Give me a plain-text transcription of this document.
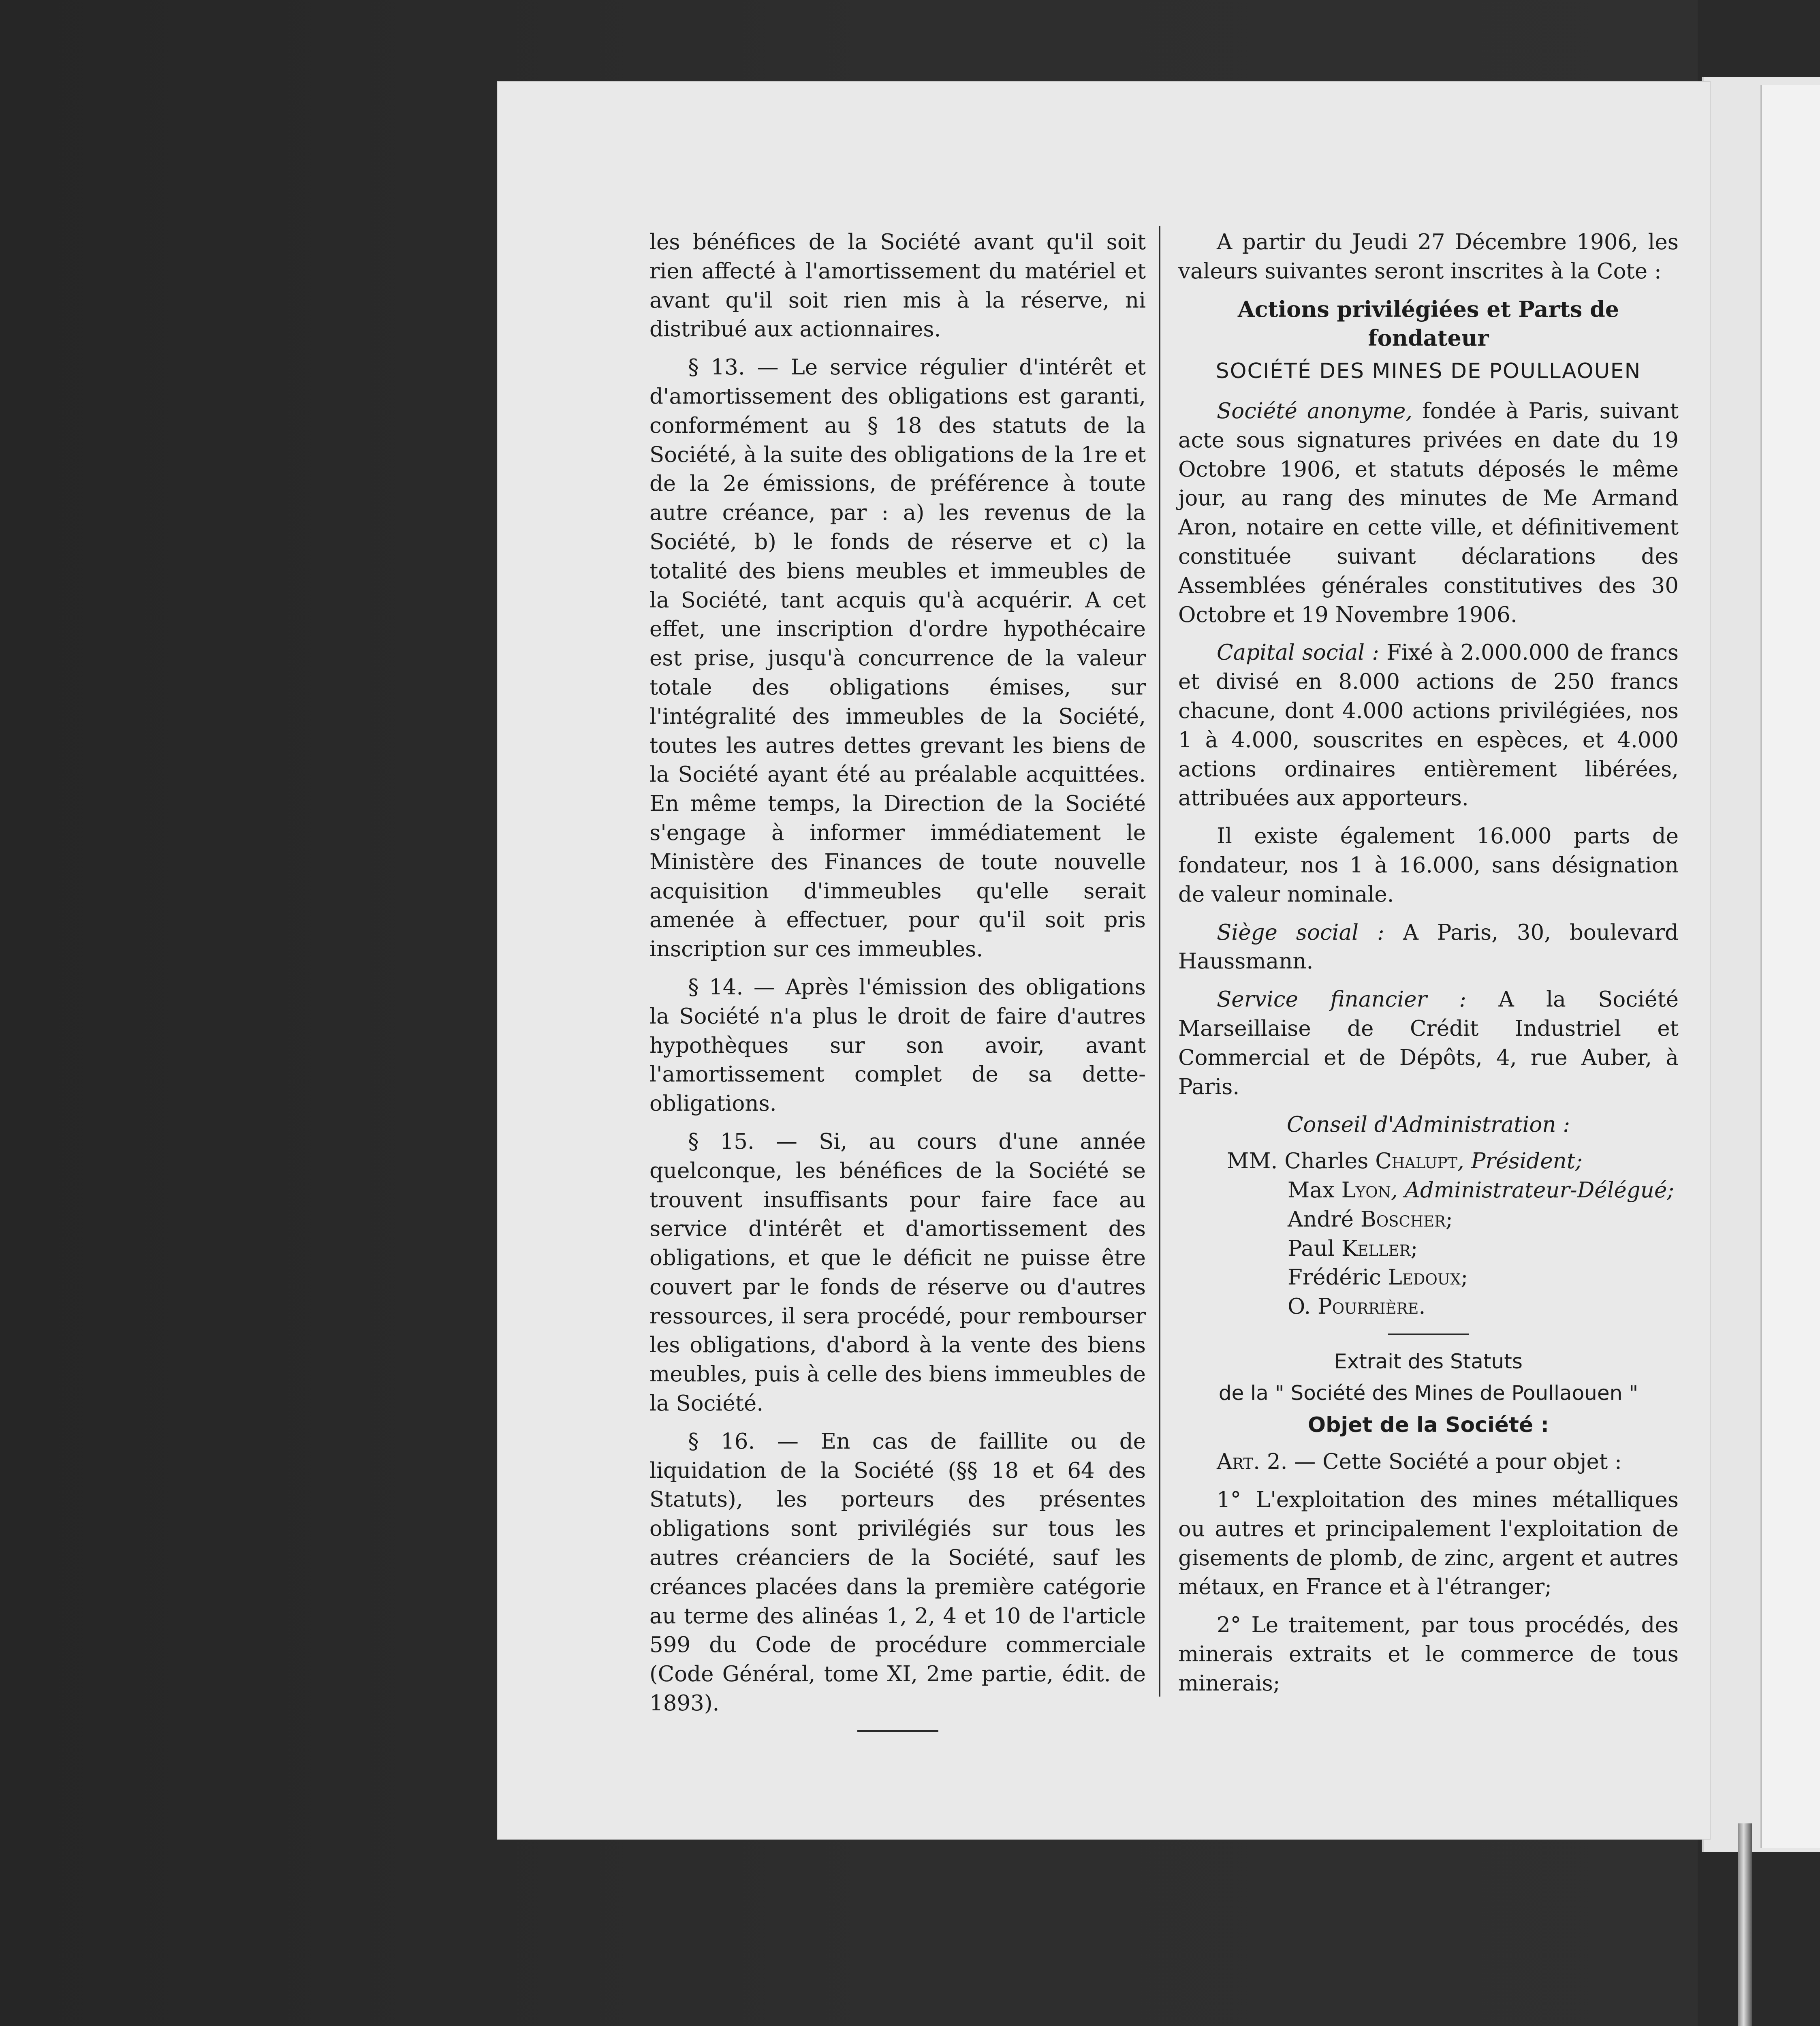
les bénéfices de la Société avant qu'il soit rien affecté à l'amortissement du matériel et avant qu'il soit rien mis à la réserve, ni distribué aux actionnaires.

§ 13. — Le service régulier d'intérêt et d'amortissement des obligations est garanti, conformément au § 18 des statuts de la Société, à la suite des obligations de la 1re et de la 2e émissions, de préférence à toute autre créance, par : a) les revenus de la Société, b) le fonds de réserve et c) la totalité des biens meubles et immeubles de la Société, tant acquis qu'à acquérir. A cet effet, une inscription d'ordre hypothécaire est prise, jusqu'à concurrence de la valeur totale des obligations émises, sur l'intégralité des immeubles de la Société, toutes les autres dettes grevant les biens de la Société ayant été au préalable acquittées. En même temps, la Direction de la Société s'engage à informer immédiatement le Ministère des Finances de toute nouvelle acquisition d'immeubles qu'elle serait amenée à effectuer, pour qu'il soit pris inscription sur ces immeubles.

§ 14. — Après l'émission des obligations la Société n'a plus le droit de faire d'autres hypothèques sur son avoir, avant l'amortissement complet de sa dette-obligations.

§ 15. — Si, au cours d'une année quelconque, les bénéfices de la Société se trouvent insuffisants pour faire face au service d'intérêt et d'amortissement des obligations, et que le déficit ne puisse être couvert par le fonds de réserve ou d'autres ressources, il sera procédé, pour rembourser les obligations, d'abord à la vente des biens meubles, puis à celle des biens immeubles de la Société.

§ 16. — En cas de faillite ou de liquidation de la Société (§§ 18 et 64 des Statuts), les porteurs des présentes obligations sont privilégiés sur tous les autres créanciers de la Société, sauf les créances placées dans la première catégorie au terme des alinéas 1, 2, 4 et 10 de l'article 599 du Code de procédure commerciale (Code Général, tome XI, 2me partie, édit. de 1893).

A partir du Jeudi 27 Décembre 1906, les valeurs suivantes seront inscrites à la Cote :

Actions privilégiées et Parts de fondateur
SOCIÉTÉ DES MINES DE POULLAOUEN

Société anonyme, fondée à Paris, suivant acte sous signatures privées en date du 19 Octobre 1906, et statuts déposés le même jour, au rang des minutes de Me Armand Aron, notaire en cette ville, et définitivement constituée suivant déclarations des Assemblées générales constitutives des 30 Octobre et 19 Novembre 1906.

Capital social : Fixé à 2.000.000 de francs et divisé en 8.000 actions de 250 francs chacune, dont 4.000 actions privilégiées, nos 1 à 4.000, souscrites en espèces, et 4.000 actions ordinaires entièrement libérées, attribuées aux apporteurs.

Il existe également 16.000 parts de fondateur, nos 1 à 16.000, sans désignation de valeur nominale.

Siège social : A Paris, 30, boulevard Haussmann.

Service financier : A la Société Marseillaise de Crédit Industriel et Commercial et de Dépôts, 4, rue Auber, à Paris.

Conseil d'Administration :
MM. Charles Chalupt, Président;
Max Lyon, Administrateur-Délégué;
André Boscher;
Paul Keller;
Frédéric Ledoux;
O. Pourrière.
Extrait des Statuts
de la " Société des Mines de Poullaouen "
Objet de la Société :

Art. 2. — Cette Société a pour objet :

1° L'exploitation des mines métalliques ou autres et principalement l'exploitation de gisements de plomb, de zinc, argent et autres métaux, en France et à l'étranger;

2° Le traitement, par tous procédés, des minerais extraits et le commerce de tous minerais;
